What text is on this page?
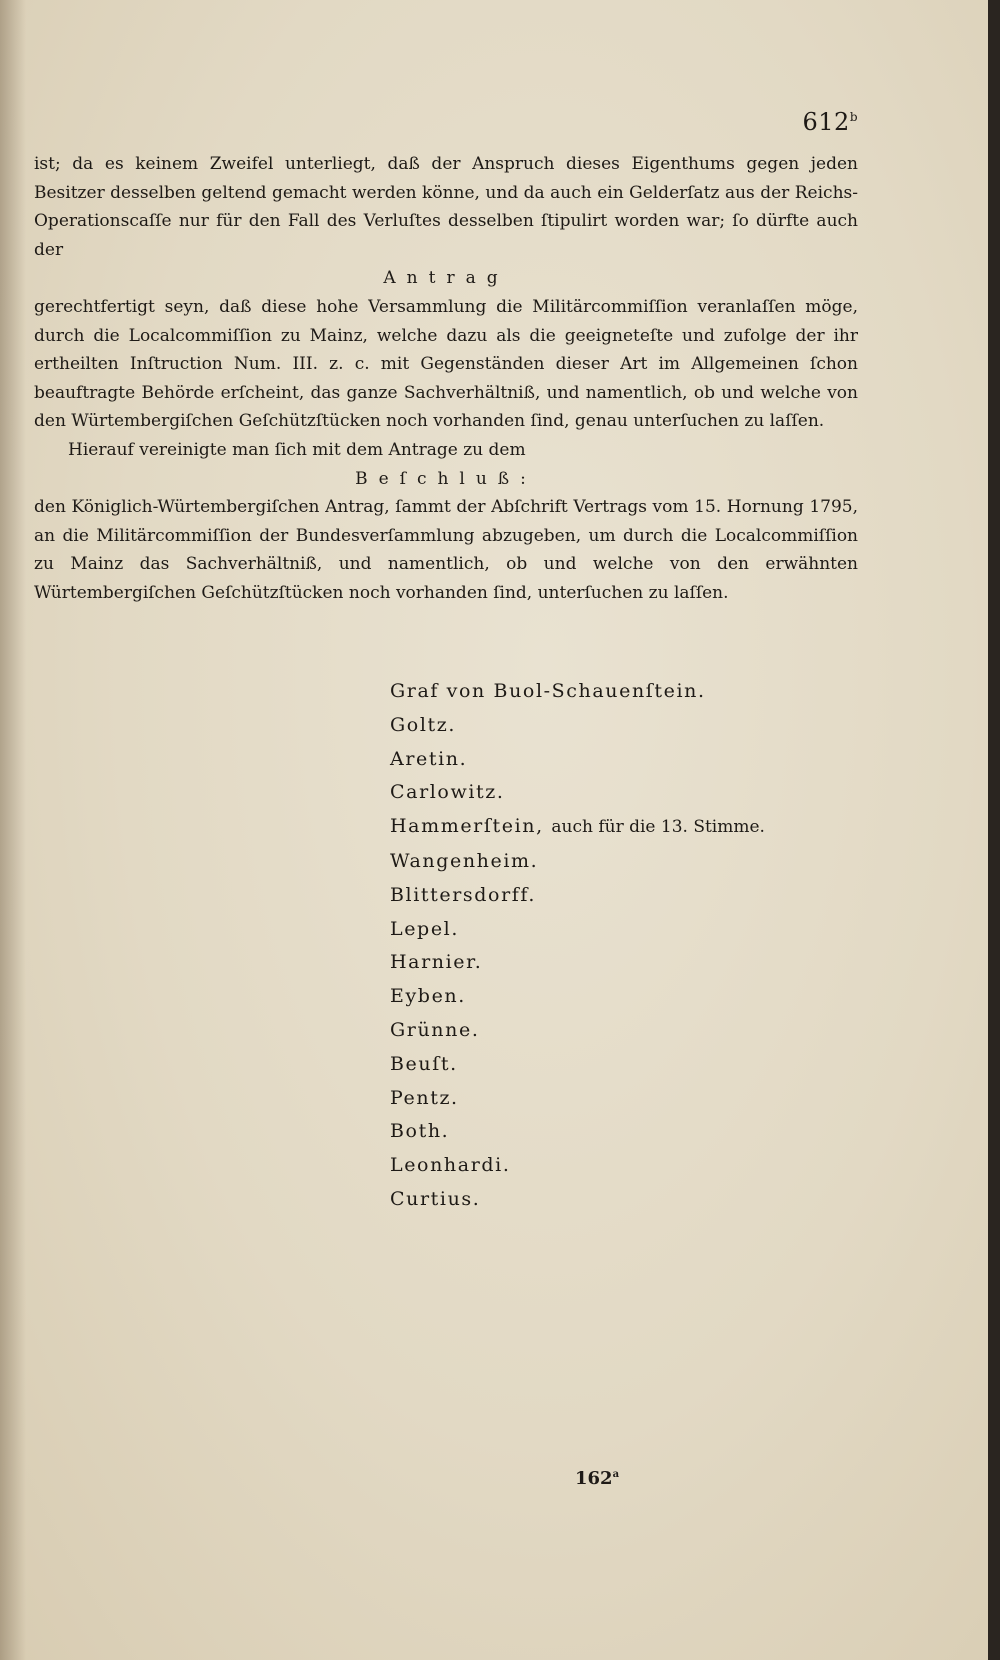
612$^b$

ist; da es keinem Zweifel unterliegt, daß der Anspruch dieses Eigenthums gegen jeden Besitzer desselben geltend gemacht werden könne, und da auch ein Gelderſatz aus der Reichs-Operationscaſſe nur für den Fall des Verluſtes desselben ſtipulirt worden war; ſo dürfte auch der

Antrag

gerechtfertigt seyn, daß diese hohe Versammlung die Militärcommiſſion veranlaſſen möge, durch die Localcommiſſion zu Mainz, welche dazu als die geeigneteſte und zufolge der ihr ertheilten Inſtruction Num. III. z. c. mit Gegenständen dieser Art im Allgemeinen ſchon beauftragte Behörde erſcheint, das ganze Sachverhältniß, und namentlich, ob und welche von den Würtembergiſchen Geſchützſtücken noch vorhanden ſind, genau unterſuchen zu laſſen.

Hierauf vereinigte man ſich mit dem Antrage zu dem

Beſchluß:

den Königlich-Würtembergiſchen Antrag, ſammt der Abſchrift Vertrags vom 15. Hornung 1795, an die Militärcommiſſion der Bundesverſammlung abzugeben, um durch die Localcommiſſion zu Mainz das Sachverhältniß, und namentlich, ob und welche von den erwähnten Würtembergiſchen Geſchützſtücken noch vorhanden ſind, unterſuchen zu laſſen.

Graf von Buol-Schauenſtein.
Goltz.
Aretin.
Carlowitz.
Hammerſtein, auch für die 13. Stimme.
Wangenheim.
Blittersdorff.
Lepel.
Harnier.
Eyben.
Grünne.
Beuſt.
Pentz.
Both.
Leonhardi.
Curtius.
162$^a$
